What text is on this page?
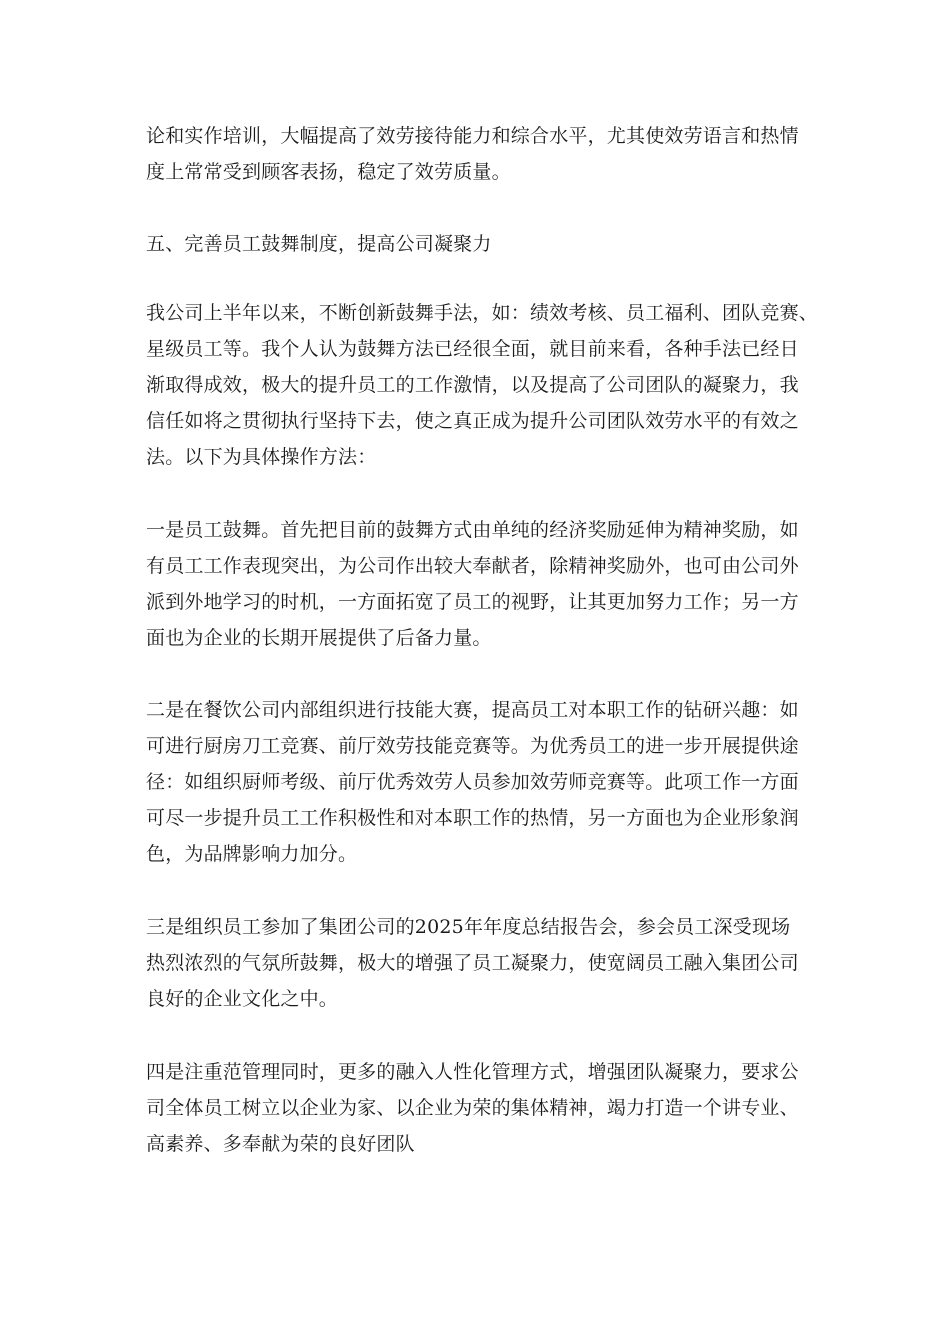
论和实作培训，大幅提高了效劳接待能力和综合水平，尤其使效劳语言和热情
度上常常受到顾客表扬，稳定了效劳质量。
五、完善员工鼓舞制度，提高公司凝聚力
我公司上半年以来，不断创新鼓舞手法，如：绩效考核、员工福利、团队竞赛、
星级员工等。我个人认为鼓舞方法已经很全面，就目前来看，各种手法已经日
渐取得成效，极大的提升员工的工作激情，以及提高了公司团队的凝聚力，我
信任如将之贯彻执行坚持下去，使之真正成为提升公司团队效劳水平的有效之
法。以下为具体操作方法：
一是员工鼓舞。首先把目前的鼓舞方式由单纯的经济奖励延伸为精神奖励，如
有员工工作表现突出，为公司作出较大奉献者，除精神奖励外，也可由公司外
派到外地学习的时机，一方面拓宽了员工的视野，让其更加努力工作；另一方
面也为企业的长期开展提供了后备力量。
二是在餐饮公司内部组织进行技能大赛，提高员工对本职工作的钻研兴趣：如
可进行厨房刀工竞赛、前厅效劳技能竞赛等。为优秀员工的进一步开展提供途
径：如组织厨师考级、前厅优秀效劳人员参加效劳师竞赛等。此项工作一方面
可尽一步提升员工工作积极性和对本职工作的热情，另一方面也为企业形象润
色，为品牌影响力加分。
三是组织员工参加了集团公司的2025年年度总结报告会，参会员工深受现场
热烈浓烈的气氛所鼓舞，极大的增强了员工凝聚力，使宽阔员工融入集团公司
良好的企业文化之中。
四是注重范管理同时，更多的融入人性化管理方式，增强团队凝聚力，要求公
司全体员工树立以企业为家、以企业为荣的集体精神，竭力打造一个讲专业、
高素养、多奉献为荣的良好团队
